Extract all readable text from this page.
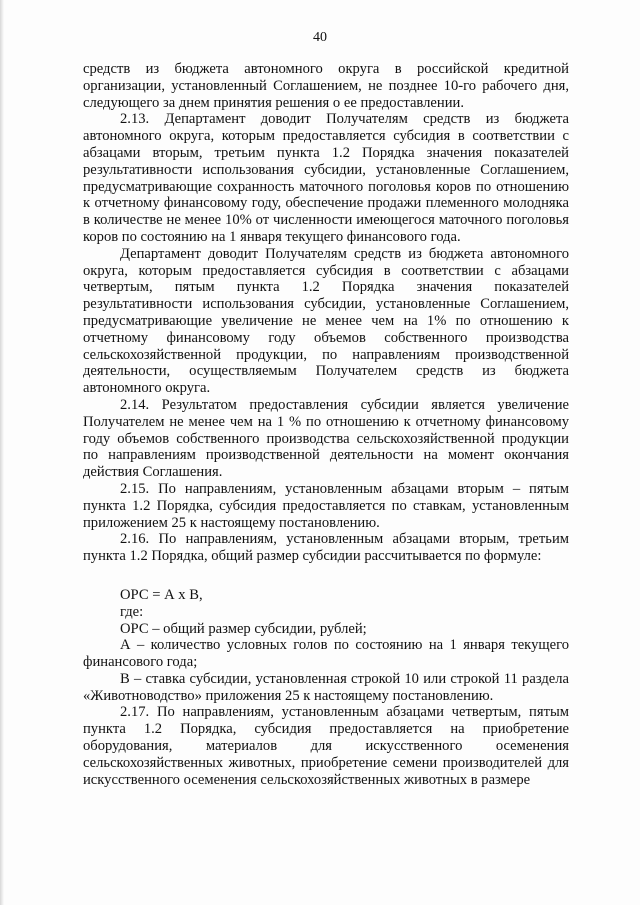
40

средств из бюджета автономного округа в российской кредитной организации, установленный Соглашением, не позднее 10-го рабочего дня, следующего за днем принятия решения о ее предоставлении.

2.13. Департамент доводит Получателям средств из бюджета автономного округа, которым предоставляется субсидия в соответствии с абзацами вторым, третьим пункта 1.2 Порядка значения показателей результативности использования субсидии, установленные Соглашением, предусматривающие сохранность маточного поголовья коров по отношению к отчетному финансовому году, обеспечение продажи племенного молодняка в количестве не менее 10% от численности имеющегося маточного поголовья коров по состоянию на 1 января текущего финансового года.

Департамент доводит Получателям средств из бюджета автономного округа, которым предоставляется субсидия в соответствии с абзацами четвертым, пятым пункта 1.2 Порядка значения показателей результативности использования субсидии, установленные Соглашением, предусматривающие увеличение не менее чем на 1% по отношению к отчетному финансовому году объемов собственного производства сельскохозяйственной продукции, по направлениям производственной деятельности, осуществляемым Получателем средств из бюджета автономного округа.

2.14. Результатом предоставления субсидии является увеличение Получателем не менее чем на 1 % по отношению к отчетному финансовому году объемов собственного производства сельскохозяйственной продукции по направлениям производственной деятельности на момент окончания действия Соглашения.

2.15. По направлениям, установленным абзацами вторым – пятым пункта 1.2 Порядка, субсидия предоставляется по ставкам, установленным приложением 25 к настоящему постановлению.

2.16. По направлениям, установленным абзацами вторым, третьим пункта 1.2 Порядка, общий размер субсидии рассчитывается по формуле:

ОРС = А х В,

где:

ОРС – общий размер субсидии, рублей;

А – количество условных голов по состоянию на 1 января текущего финансового года;

В – ставка субсидии, установленная строкой 10 или строкой 11 раздела «Животноводство» приложения 25 к настоящему постановлению.

2.17. По направлениям, установленным абзацами четвертым, пятым пункта 1.2 Порядка, субсидия предоставляется на приобретение оборудования, материалов для искусственного осеменения сельскохозяйственных животных, приобретение семени производителей для искусственного осеменения сельскохозяйственных животных в размере
